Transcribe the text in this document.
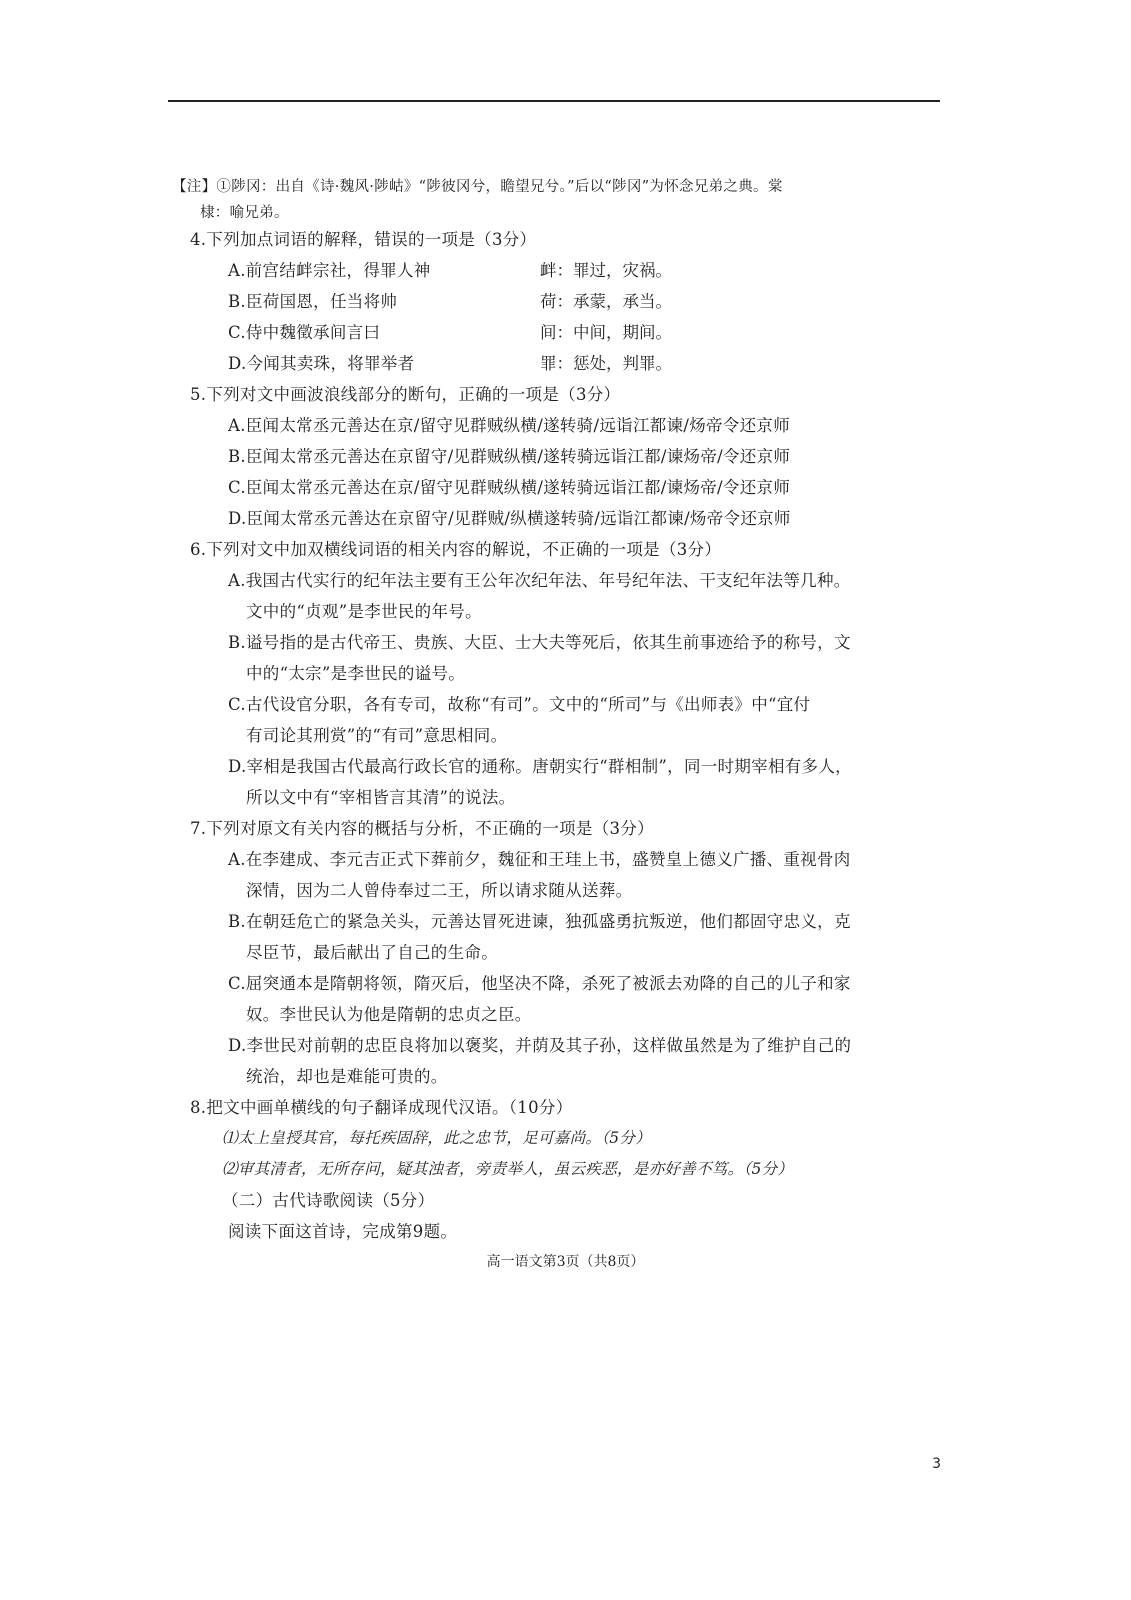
【注】①陟冈：出自《诗·魏风·陟岵》“陟彼冈兮，瞻望兄兮。”后以“陟冈”为怀念兄弟之典。棠
棣：喻兄弟。
4.下列加点词语的解释，错误的一项是（3分）
A.前宫结衅宗社，得罪人神	衅：罪过，灾祸。
B.臣荷国恩，任当将帅	荷：承蒙，承当。
C.侍中魏徵承间言曰	间：中间，期间。
D.今闻其卖珠，将罪举者	罪：惩处，判罪。
5.下列对文中画波浪线部分的断句，正确的一项是（3分）
A.臣闻太常丞元善达在京/留守见群贼纵横/遂转骑/远诣江都谏/炀帝令还京师
B.臣闻太常丞元善达在京留守/见群贼纵横/遂转骑远诣江都/谏炀帝/令还京师
C.臣闻太常丞元善达在京/留守见群贼纵横/遂转骑远诣江都/谏炀帝/令还京师
D.臣闻太常丞元善达在京留守/见群贼/纵横遂转骑/远诣江都谏/炀帝令还京师
6.下列对文中加双横线词语的相关内容的解说，不正确的一项是（3分）
A.我国古代实行的纪年法主要有王公年次纪年法、年号纪年法、干支纪年法等几种。
文中的“贞观”是李世民的年号。
B.谥号指的是古代帝王、贵族、大臣、士大夫等死后，依其生前事迹给予的称号，文
中的“太宗”是李世民的谥号。
C.古代设官分职，各有专司，故称“有司”。文中的“所司”与《出师表》中“宜付
有司论其刑赏”的“有司”意思相同。
D.宰相是我国古代最高行政长官的通称。唐朝实行“群相制”，同一时期宰相有多人，
所以文中有“宰相皆言其清”的说法。
7.下列对原文有关内容的概括与分析，不正确的一项是（3分）
A.在李建成、李元吉正式下葬前夕，魏征和王珪上书，盛赞皇上德义广播、重视骨肉
深情，因为二人曾侍奉过二王，所以请求随从送葬。
B.在朝廷危亡的紧急关头，元善达冒死进谏，独孤盛勇抗叛逆，他们都固守忠义，克
尽臣节，最后献出了自己的生命。
C.屈突通本是隋朝将领，隋灭后，他坚决不降，杀死了被派去劝降的自己的儿子和家
奴。李世民认为他是隋朝的忠贞之臣。
D.李世民对前朝的忠臣良将加以褒奖，并荫及其子孙，这样做虽然是为了维护自己的
统治，却也是难能可贵的。
8.把文中画单横线的句子翻译成现代汉语。（10分）
⑴太上皇授其官，每托疾固辞，此之忠节，足可嘉尚。（5分）
⑵审其清者，无所存问，疑其浊者，旁责举人，虽云疾恶，是亦好善不笃。（5分）
（二）古代诗歌阅读（5分）
阅读下面这首诗，完成第9题。
高一语文第3页（共8页）
3
